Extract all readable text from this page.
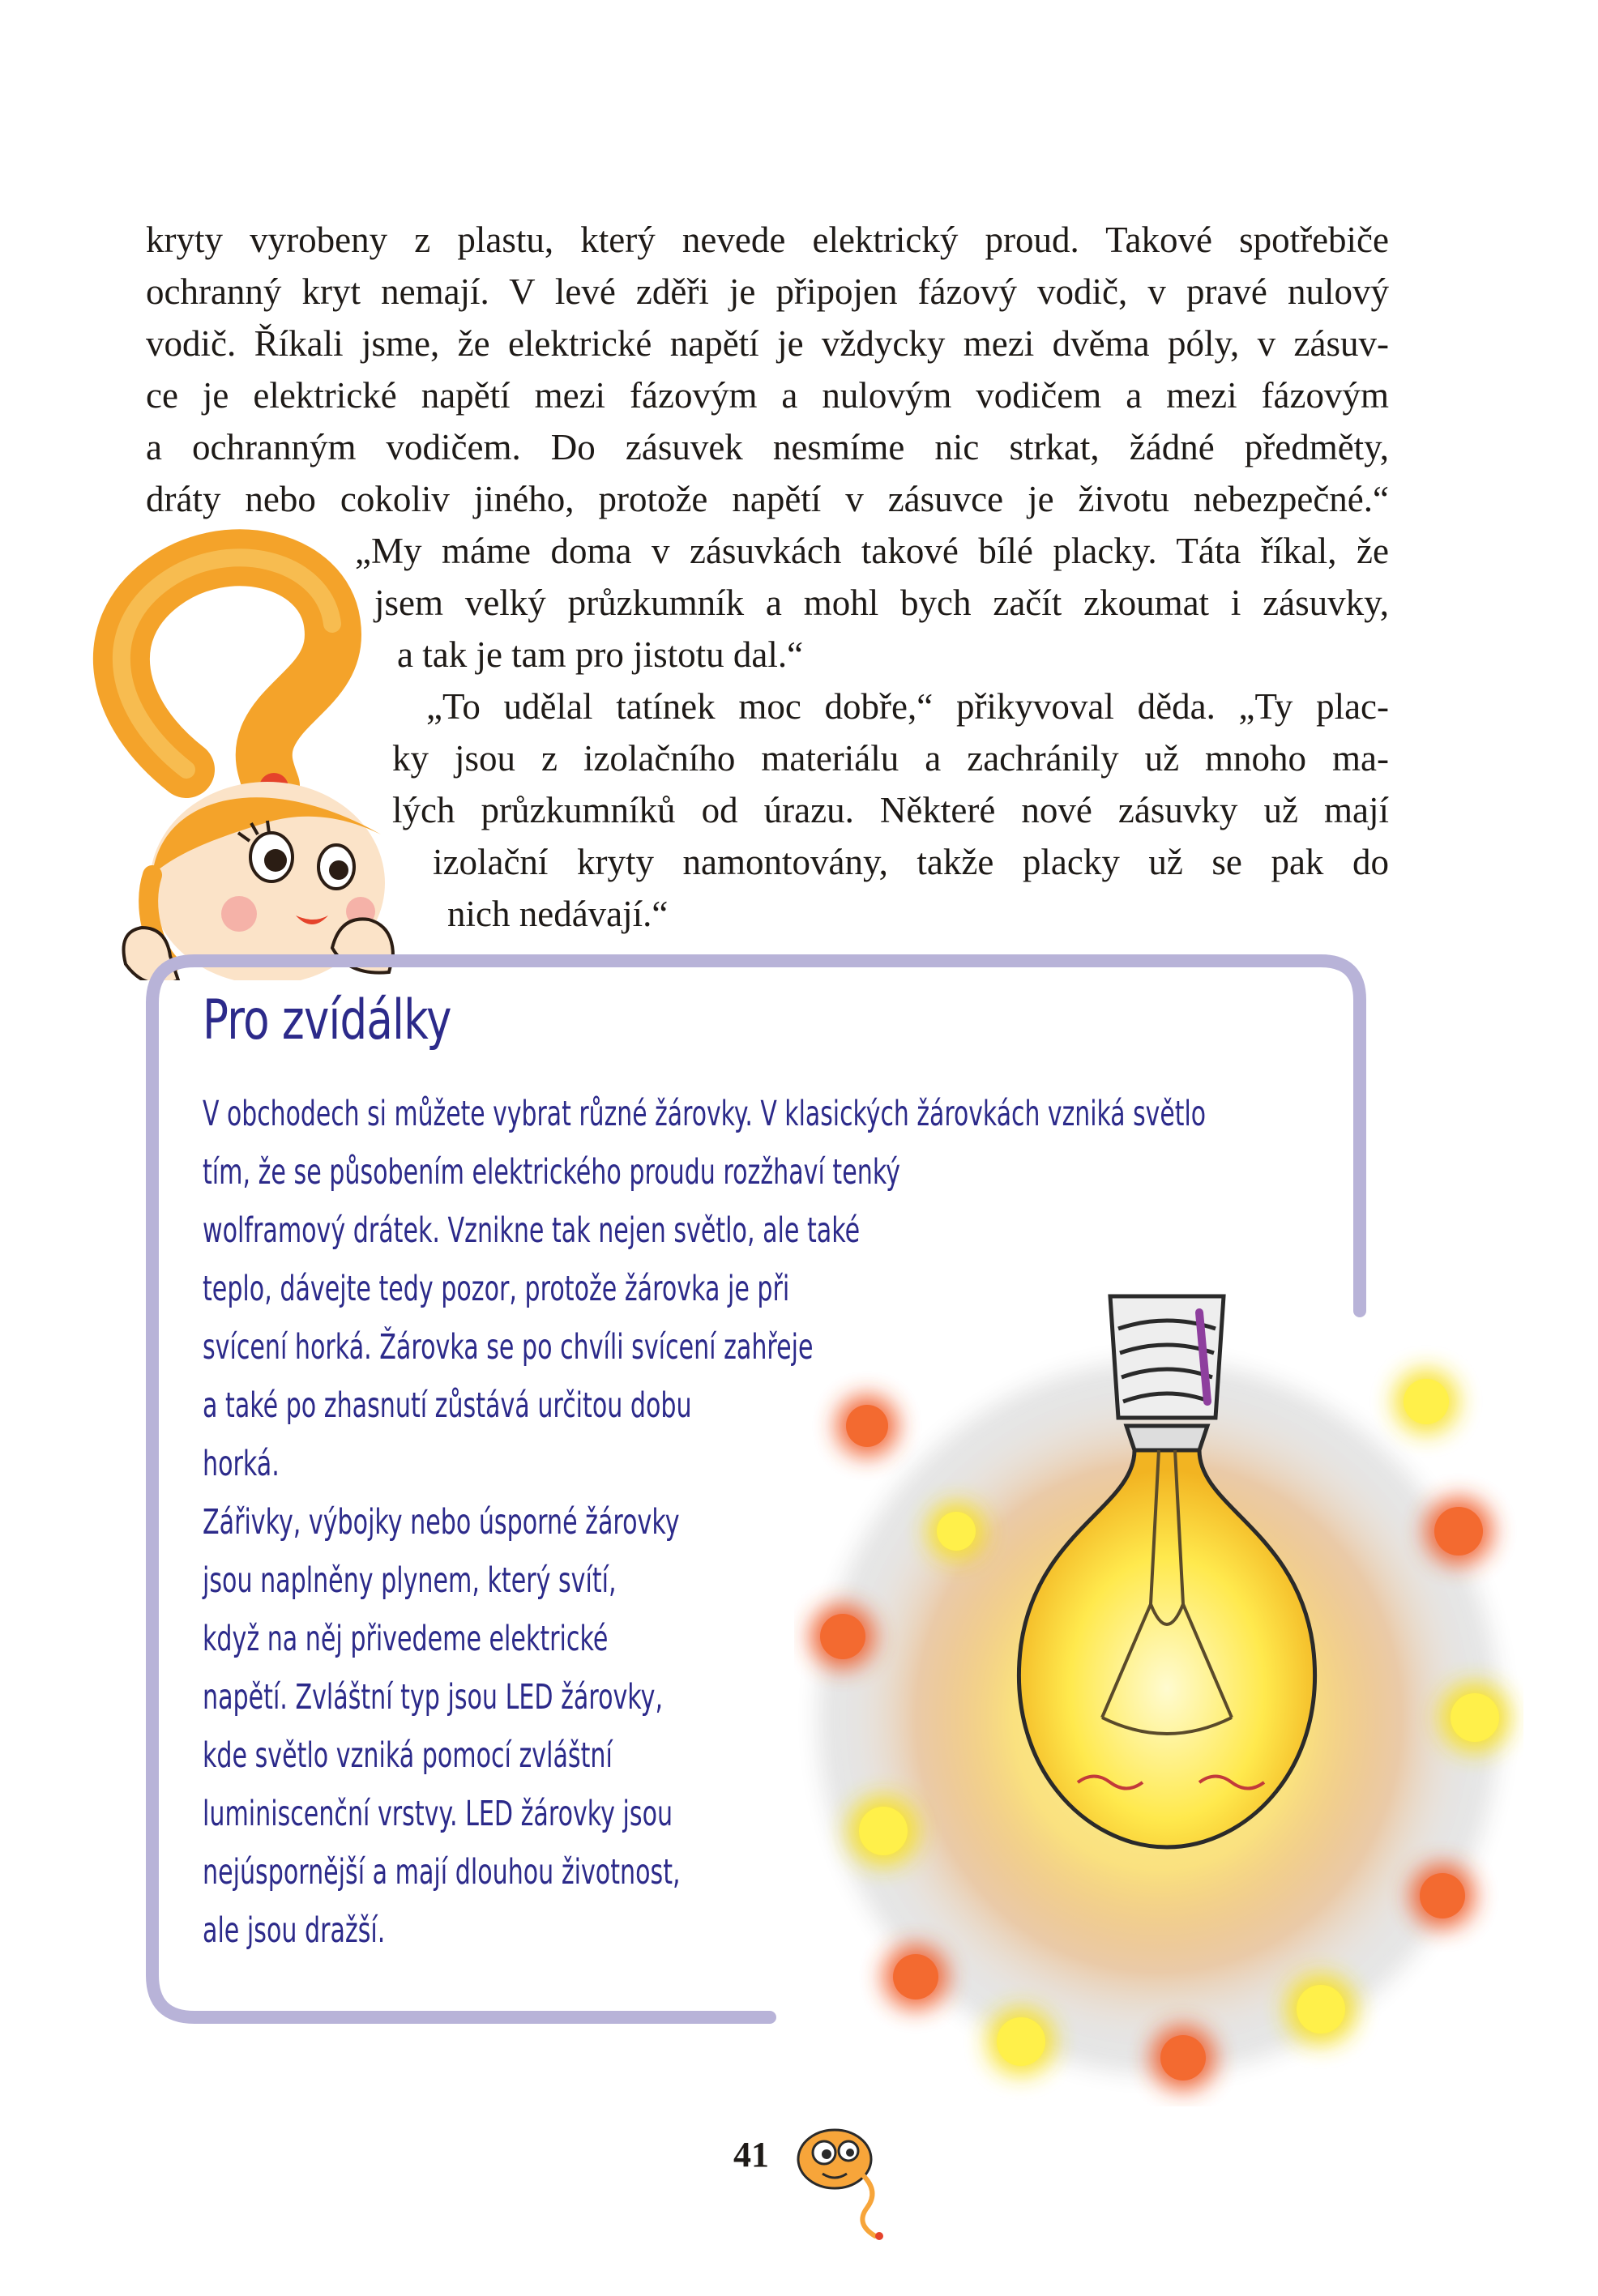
kryty vyrobeny z plastu, který nevede elektrický proud. Takové spotřebiče
ochranný kryt nemají. V levé zděři je připojen fázový vodič, v pravé nulový
vodič. Říkali jsme, že elektrické napětí je vždycky mezi dvěma póly, v zásuv-
ce je elektrické napětí mezi fázovým a nulovým vodičem a mezi fázovým
a ochranným vodičem. Do zásuvek nesmíme nic strkat, žádné předměty,
dráty nebo cokoliv jiného, protože napětí v zásuvce je životu nebezpečné.“
„My máme doma v zásuvkách takové bílé placky. Táta říkal, že
jsem velký průzkumník a mohl bych začít zkoumat i zásuvky,
a tak je tam pro jistotu dal.“
„To udělal tatínek moc dobře,“ přikyvoval děda. „Ty plac-
ky jsou z izolačního materiálu a zachránily už mnoho ma-
lých průzkumníků od úrazu. Některé nové zásuvky už mají
izolační kryty namontovány, takže placky už se pak do
nich nedávají.“
Pro zvídálky
V obchodech si můžete vybrat různé žárovky. V klasických žárovkách vzniká světlo
tím, že se působením elektrického proudu rozžhaví tenký
wolframový drátek. Vznikne tak nejen světlo, ale také
teplo, dávejte tedy pozor, protože žárovka je při
svícení horká. Žárovka se po chvíli svícení zahřeje
a také po zhasnutí zůstává určitou dobu
horká.
Zářivky, výbojky nebo úsporné žárovky
jsou naplněny plynem, který svítí,
když na něj přivedeme elektrické
napětí. Zvláštní typ jsou LED žárovky,
kde světlo vzniká pomocí zvláštní
luminiscenční vrstvy. LED žárovky jsou
nejúspornější a mají dlouhou životnost,
ale jsou dražší.
41
